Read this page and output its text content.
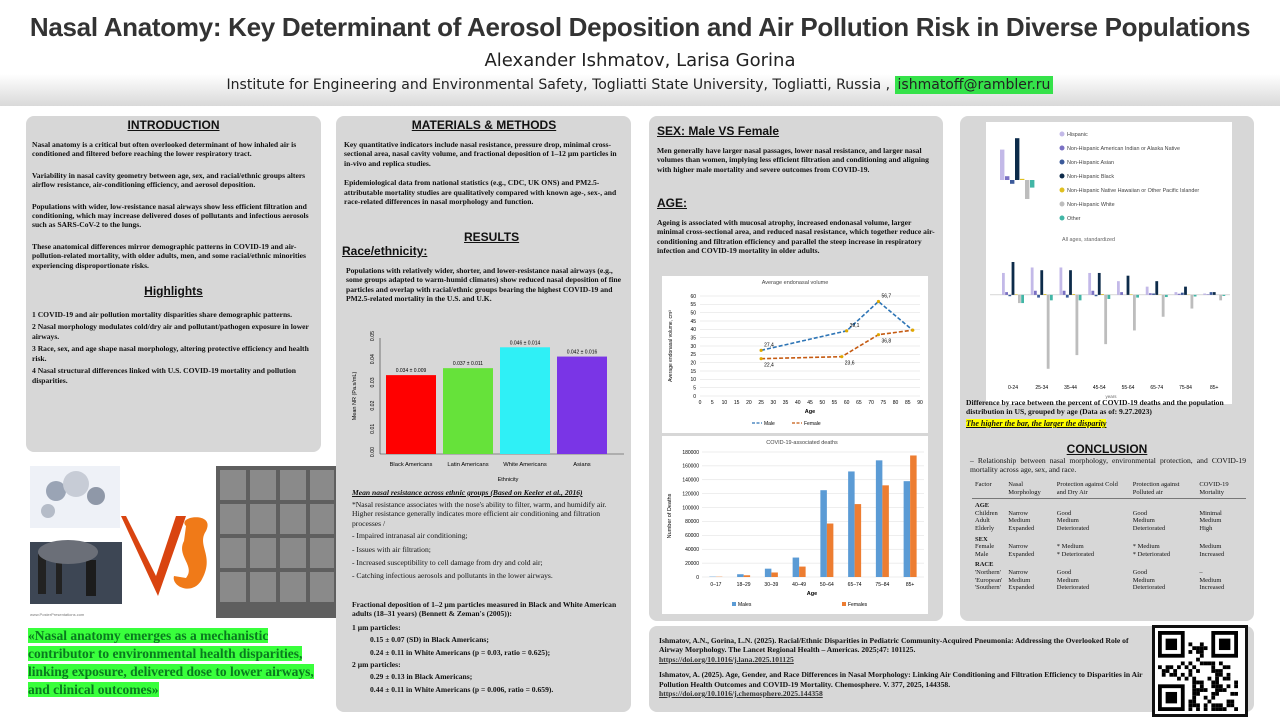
Nasal Anatomy: Key Determinant of Aerosol Deposition and Air Pollution Risk in Diverse Populations
Alexander Ishmatov, Larisa Gorina
Institute for Engineering and Environmental Safety, Togliatti State University, Togliatti, Russia , ishmatoff@rambler.ru

INTRODUCTION

Nasal anatomy is a critical but often overlooked determinant of how inhaled air is conditioned and filtered before reaching the lower respiratory tract.

Variability in nasal cavity geometry between age, sex, and racial/ethnic groups alters airflow resistance, air-conditioning efficiency, and aerosol deposition.

Populations with wider, low-resistance nasal airways show less efficient filtration and conditioning, which may increase delivered doses of pollutants and infectious aerosols such as SARS-CoV-2 to the lungs.

These anatomical differences mirror demographic patterns in COVID-19 and air-pollution-related mortality, with older adults, men, and some racial/ethnic minorities experiencing disproportionate risks.

Highlights

1 COVID-19 and air pollution mortality disparities share demographic patterns.

2 Nasal morphology modulates cold/dry air and pollutant/pathogen exposure in lower airways.

3 Race, sex, and age shape nasal morphology, altering protective efficiency and health risk.

4 Nasal structural differences linked with U.S. COVID-19 mortality and pollution disparities.

www.PosterPresentations.com
«Nasal anatomy emerges as a mechanistic contributor to environmental health disparities, linking exposure, delivered dose to lower airways, and clinical outcomes»

MATERIALS & METHODS

Key quantitative indicators include nasal resistance, pressure drop, minimal cross-sectional area, nasal cavity volume, and fractional deposition of 1–12 µm particles in in-vivo and replica studies.

Epidemiological data from national statistics (e.g., CDC, UK ONS) and PM2.5-attributable mortality studies are qualitatively compared with known age-, sex-, and race-related differences in nasal morphology and function.

RESULTS

Race/ethnicity:

Populations with relatively wider, shorter, and lower-resistance nasal airways (e.g., some groups adapted to warm-humid climates) show reduced nasal deposition of fine particles and overlap with racial/ethnic groups bearing the highest COVID-19 and PM2.5-related mortality in the U.S. and U.K.

0.00
0.01
0.02
0.03
0.04
0.05
Mean NR (Pa.s/mL)
0.034 ± 0.009
Black Americans
0.037 ± 0.011
Latin Americans
0.046 ± 0.014
White Americans
0.042 ± 0.016
Asians
Ethnicity

Mean nasal resistance across ethnic groups (Based on Keeler et al., 2016)

*Nasal resistance associates with the nose's ability to filter, warm, and humidify air. Higher resistance generally indicates more efficient air conditioning and filtration processes /

- Impaired intranasal air conditioning;

- Issues with air filtration;

- Increased susceptibility to cell damage from dry and cold air;

- Catching infectious aerosols and pollutants in the lower airways.

Fractional deposition of 1–2 µm particles measured in Black and White American adults (18–31 years) (Bennett & Zeman's (2005)):

1 µm particles:

0.15 ± 0.07 (SD) in Black Americans;

0.24 ± 0.11 in White Americans (p = 0.03, ratio = 0.625);

2 µm particles:

0.29 ± 0.13 in Black Americans;

0.44 ± 0.11 in White Americans (p = 0.006, ratio = 0.659).

SEX: Male VS Female

Men generally have larger nasal passages, lower nasal resistance, and larger nasal volumes than women, implying less efficient filtration and conditioning and aligning with higher male mortality and severe outcomes from COVID-19.

AGE:

Ageing is associated with mucosal atrophy, increased endonasal volume, larger minimal cross-sectional area, and reduced nasal resistance, which together reduce air-conditioning and filtration efficiency and parallel the steep increase in respiratory infection and COVID-19 mortality in older adults.

Average endonasal volume
0
5
10
15
20
25
30
35
40
45
50
55
60
0 5 10 15 20 25 30 35 40 45 50 55 60 65 70 75 80 85 90
Age
Average endonasal volume, cm³	27,4
39,1
56,7
Male
22,4	23,6
36,8
Female
COVID-19-associated deaths
0
20000
40000
60000
80000
100000
120000
140000
160000
180000
Number of Deaths
0–17	18–29	30–39	40–49	50–64	65–74	75–84	85+
Age
Males	Females

Ishmatov, A.N., Gorina, L.N. (2025). Racial/Ethnic Disparities in Pediatric Community-Acquired Pneumonia: Addressing the Overlooked Role of Airway Morphology. The Lancet Regional Health – Americas. 2025;47: 101125.

https://doi.org/10.1016/j.lana.2025.101125

Ishmatov, A. (2025). Age, Gender, and Race Differences in Nasal Morphology: Linking Air Conditioning and Filtration Efficiency to Disparities in Air Pollution Health Outcomes and COVID-19 Mortality. Chemosphere. V. 377, 2025, 144358.

https://doi.org/10.1016/j.chemosphere.2025.144358

0-24	25-34	35-44	45-54	55-64	65-74	75-84	85+
years
Hispanic
Non-Hispanic American Indian or Alaska Native
Non-Hispanic Asian
Non-Hispanic Black
Non-Hispanic Native Hawaiian or Other Pacific Islander
Non-Hispanic White
Other
All ages, standardized

Difference by race between the percent of COVID-19 deaths and the population distribution in US, grouped by age (Data as of: 9.27.2023)

The higher the bar, the larger the disparity

CONCLUSION

– Relationship between nasal morphology, environmental protection, and COVID-19 mortality across age, sex, and race.

Factor	Nasal Morphology	Protection against Cold and Dry Air	Protection against Polluted air	COVID-19 Mortality
AGE				
Children	Narrow	Good	Good	Minimal
Adult	Medium	Medium	Medium	Medium
Elderly	Expanded	Deteriorated	Deteriorated	High
SEX				
Female	Narrow	* Medium	* Medium	Medium
Male	Expanded	* Deteriorated	* Deteriorated	Increased
RACE				
'Northern'	Narrow	Good	Good	–
'European'	Medium	Medium	Medium	Medium
'Southern'	Expanded	Deteriorated	Deteriorated	Increased
